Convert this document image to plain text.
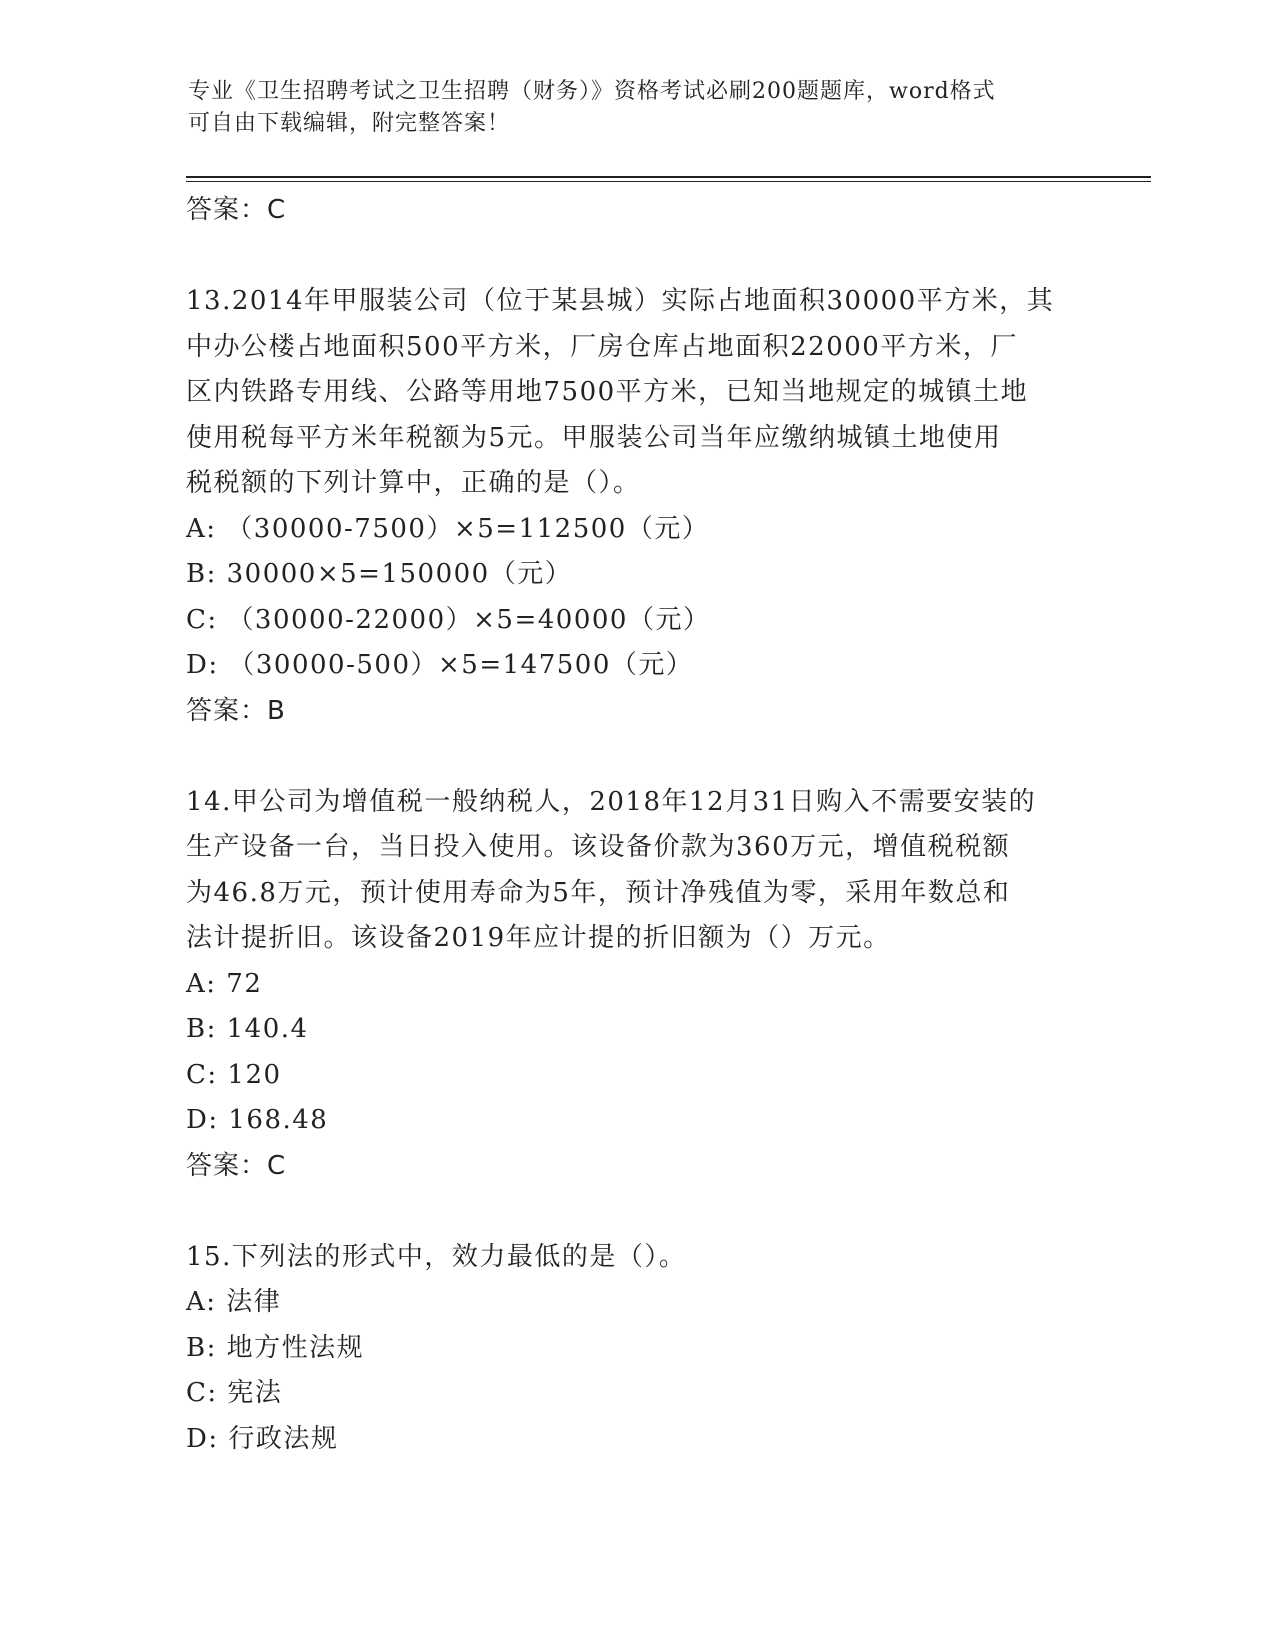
专业《卫生招聘考试之卫生招聘（财务）》资格考试必刷200题题库，word格式
可自由下载编辑，附完整答案！
答案：C
13.2014年甲服装公司（位于某县城）实际占地面积30000平方米，其
中办公楼占地面积500平方米，厂房仓库占地面积22000平方米，厂
区内铁路专用线、公路等用地7500平方米，已知当地规定的城镇土地
使用税每平方米年税额为5元。甲服装公司当年应缴纳城镇土地使用
税税额的下列计算中，正确的是（）。
A: （30000-7500）×5=112500（元）
B: 30000×5=150000（元）
C: （30000-22000）×5=40000（元）
D: （30000-500）×5=147500（元）
答案：B
14.甲公司为增值税一般纳税人，2018年12月31日购入不需要安装的
生产设备一台，当日投入使用。该设备价款为360万元，增值税税额
为46.8万元，预计使用寿命为5年，预计净残值为零，采用年数总和
法计提折旧。该设备2019年应计提的折旧额为（）万元。
A: 72
B: 140.4
C: 120
D: 168.48
答案：C
15.下列法的形式中，效力最低的是（）。
A: 法律
B: 地方性法规
C: 宪法
D: 行政法规
